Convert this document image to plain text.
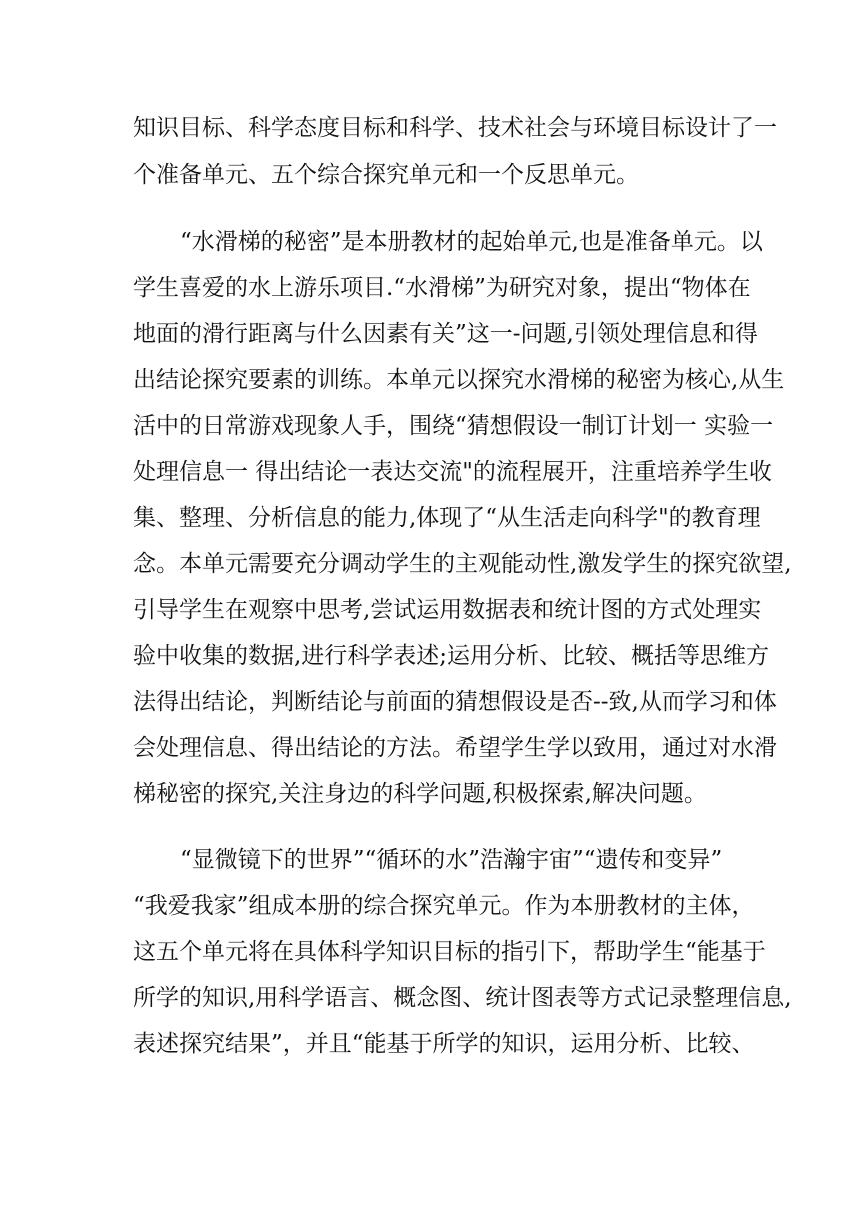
知识目标、科学态度目标和科学、技术社会与环境目标设计了一
个准备单元、五个综合探究单元和一个反思单元。
“水滑梯的秘密”是本册教材的起始单元,也是准备单元。以
学生喜爱的水上游乐项目.“水滑梯”为研究对象，提出“物体在
地面的滑行距离与什么因素有关”这一-问题,引领处理信息和得
出结论探究要素的训练。本单元以探究水滑梯的秘密为核心,从生
活中的日常游戏现象人手，围绕“猜想假设一制订计划一 实验一
处理信息一 得出结论一表达交流"的流程展开，注重培养学生收
集、整理、分析信息的能力,体现了“从生活走向科学"的教育理
念。本单元需要充分调动学生的主观能动性,激发学生的探究欲望,
引导学生在观察中思考,尝试运用数据表和统计图的方式处理实
验中收集的数据,进行科学表述;运用分析、比较、概括等思维方
法得出结论，判断结论与前面的猜想假设是否--致,从而学习和体
会处理信息、得出结论的方法。希望学生学以致用，通过对水滑
梯秘密的探究,关注身边的科学问题,积极探索,解决问题。
“显微镜下的世界”“循环的水”浩瀚宇宙”“遗传和变异”
“我爱我家”组成本册的综合探究单元。作为本册教材的主体，
这五个单元将在具体科学知识目标的指引下，帮助学生“能基于
所学的知识,用科学语言、概念图、统计图表等方式记录整理信息,
表述探究结果”，并且“能基于所学的知识，运用分析、比较、
